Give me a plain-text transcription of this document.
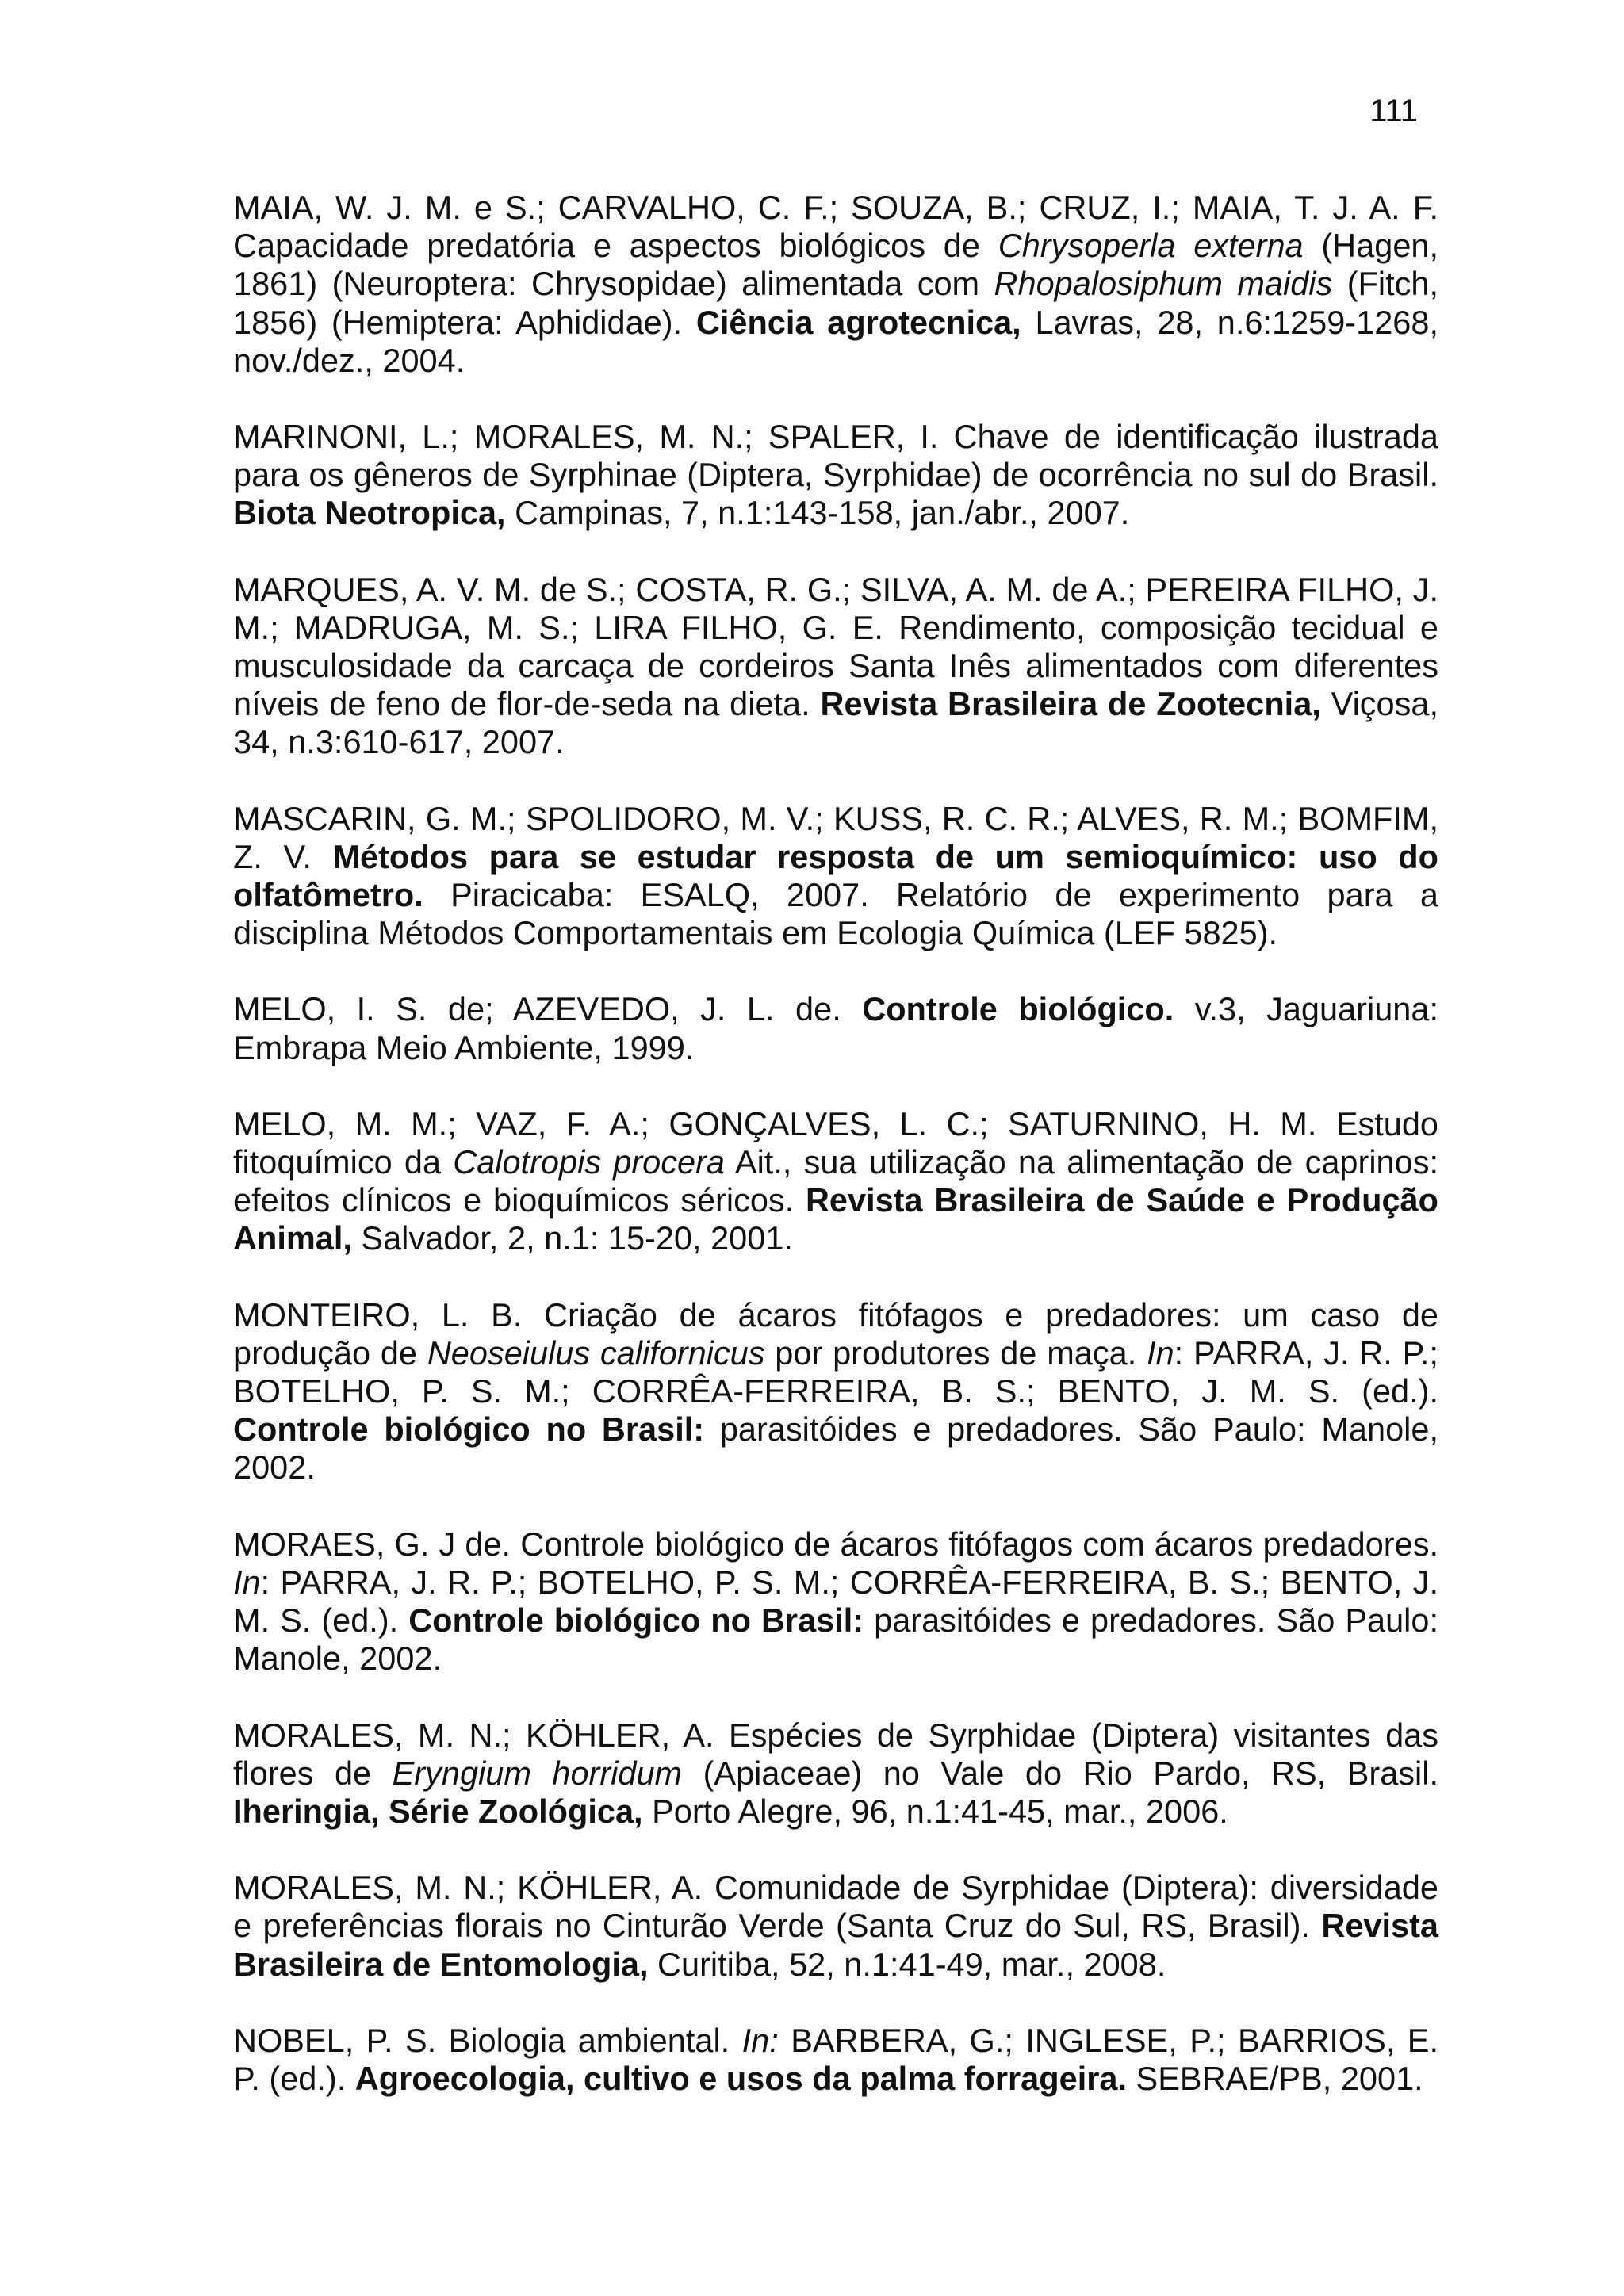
111

MAIA, W. J. M. e S.; CARVALHO, C. F.; SOUZA, B.; CRUZ, I.; MAIA, T. J. A. F. Capacidade predatória e aspectos biológicos de Chrysoperla externa (Hagen, 1861) (Neuroptera: Chrysopidae) alimentada com Rhopalosiphum maidis (Fitch, 1856) (Hemiptera: Aphididae). Ciência agrotecnica, Lavras, 28, n.6:1259-1268, nov./dez., 2004.

MARINONI, L.; MORALES, M. N.; SPALER, I. Chave de identificação ilustrada para os gêneros de Syrphinae (Diptera, Syrphidae) de ocorrência no sul do Brasil. Biota Neotropica, Campinas, 7, n.1:143-158, jan./abr., 2007.

MARQUES, A. V. M. de S.; COSTA, R. G.; SILVA, A. M. de A.; PEREIRA FILHO, J. M.; MADRUGA, M. S.; LIRA FILHO, G. E. Rendimento, composição tecidual e musculosidade da carcaça de cordeiros Santa Inês alimentados com diferentes níveis de feno de flor-de-seda na dieta. Revista Brasileira de Zootecnia, Viçosa, 34, n.3:610-617, 2007.

MASCARIN, G. M.; SPOLIDORO, M. V.; KUSS, R. C. R.; ALVES, R. M.; BOMFIM, Z. V. Métodos para se estudar resposta de um semioquímico: uso do olfatômetro. Piracicaba: ESALQ, 2007. Relatório de experimento para a disciplina Métodos Comportamentais em Ecologia Química (LEF 5825).

MELO, I. S. de; AZEVEDO, J. L. de. Controle biológico. v.3, Jaguariuna: Embrapa Meio Ambiente, 1999.

MELO, M. M.; VAZ, F. A.; GONÇALVES, L. C.; SATURNINO, H. M. Estudo fitoquímico da Calotropis procera Ait., sua utilização na alimentação de caprinos: efeitos clínicos e bioquímicos séricos. Revista Brasileira de Saúde e Produção Animal, Salvador, 2, n.1: 15-20, 2001.

MONTEIRO, L. B. Criação de ácaros fitófagos e predadores: um caso de produção de Neoseiulus californicus por produtores de maça. In: PARRA, J. R. P.; BOTELHO, P. S. M.; CORRÊA-FERREIRA, B. S.; BENTO, J. M. S. (ed.). Controle biológico no Brasil: parasitóides e predadores. São Paulo: Manole, 2002.

MORAES, G. J de. Controle biológico de ácaros fitófagos com ácaros predadores. In: PARRA, J. R. P.; BOTELHO, P. S. M.; CORRÊA-FERREIRA, B. S.; BENTO, J. M. S. (ed.). Controle biológico no Brasil: parasitóides e predadores. São Paulo: Manole, 2002.

MORALES, M. N.; KÖHLER, A. Espécies de Syrphidae (Diptera) visitantes das flores de Eryngium horridum (Apiaceae) no Vale do Rio Pardo, RS, Brasil. Iheringia, Série Zoológica, Porto Alegre, 96, n.1:41-45, mar., 2006.

MORALES, M. N.; KÖHLER, A. Comunidade de Syrphidae (Diptera): diversidade e preferências florais no Cinturão Verde (Santa Cruz do Sul, RS, Brasil). Revista Brasileira de Entomologia, Curitiba, 52, n.1:41-49, mar., 2008.

NOBEL, P. S. Biologia ambiental. In: BARBERA, G.; INGLESE, P.; BARRIOS, E. P. (ed.). Agroecologia, cultivo e usos da palma forrageira. SEBRAE/PB, 2001.
